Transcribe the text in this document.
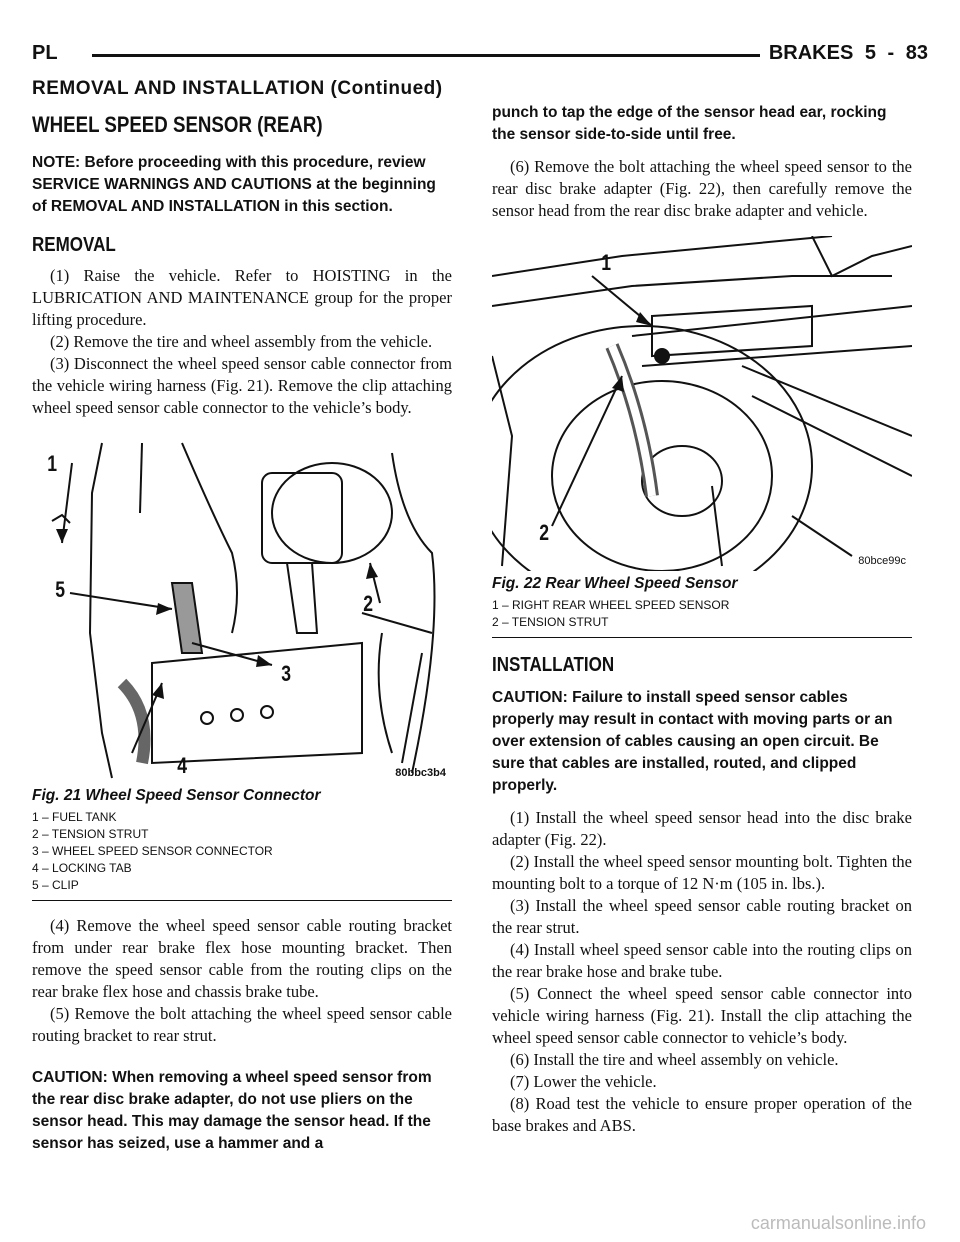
PL	BRAKES 5 - 83
REMOVAL AND INSTALLATION (Continued)
WHEEL SPEED SENSOR (REAR)

NOTE: Before proceeding with this procedure, review SERVICE WARNINGS AND CAUTIONS at the beginning of REMOVAL AND INSTALLATION in this section.

REMOVAL

(1) Raise the vehicle. Refer to HOISTING in the LUBRICATION AND MAINTENANCE group for the proper lifting procedure.

(2) Remove the tire and wheel assembly from the vehicle.

(3) Disconnect the wheel speed sensor cable connector from the vehicle wiring harness (Fig. 21). Remove the clip attaching wheel speed sensor cable connector to the vehicle’s body.

1
2
3
4
5
80bbc3b4
Fig. 21 Wheel Speed Sensor Connector
1 – FUEL TANK
2 – TENSION STRUT
3 – WHEEL SPEED SENSOR CONNECTOR
4 – LOCKING TAB
5 – CLIP

(4) Remove the wheel speed sensor cable routing bracket from under rear brake flex hose mounting bracket. Then remove the speed sensor cable from the routing clips on the rear brake flex hose and chassis brake tube.

(5) Remove the bolt attaching the wheel speed sensor cable routing bracket to rear strut.

CAUTION: When removing a wheel speed sensor from the rear disc brake adapter, do not use pliers on the sensor head. This may damage the sensor head. If the sensor has seized, use a hammer and a

punch to tap the edge of the sensor head ear, rocking the sensor side-to-side until free.

(6) Remove the bolt attaching the wheel speed sensor to the rear disc brake adapter (Fig. 22), then carefully remove the sensor head from the rear disc brake adapter and vehicle.

1
2
80bce99c
Fig. 22 Rear Wheel Speed Sensor
1 – RIGHT REAR WHEEL SPEED SENSOR
2 – TENSION STRUT
INSTALLATION

CAUTION: Failure to install speed sensor cables properly may result in contact with moving parts or an over extension of cables causing an open circuit. Be sure that cables are installed, routed, and clipped properly.

(1) Install the wheel speed sensor head into the disc brake adapter (Fig. 22).

(2) Install the wheel speed sensor mounting bolt. Tighten the mounting bolt to a torque of 12 N·m (105 in. lbs.).

(3) Install the wheel speed sensor cable routing bracket on the rear strut.

(4) Install wheel speed sensor cable into the routing clips on the rear brake hose and brake tube.

(5) Connect the wheel speed sensor cable connector into vehicle wiring harness (Fig. 21). Install the clip attaching the wheel speed sensor cable connector to vehicle’s body.

(6) Install the tire and wheel assembly on vehicle.

(7) Lower the vehicle.

(8) Road test the vehicle to ensure proper operation of the base brakes and ABS.

carmanualsonline.info
